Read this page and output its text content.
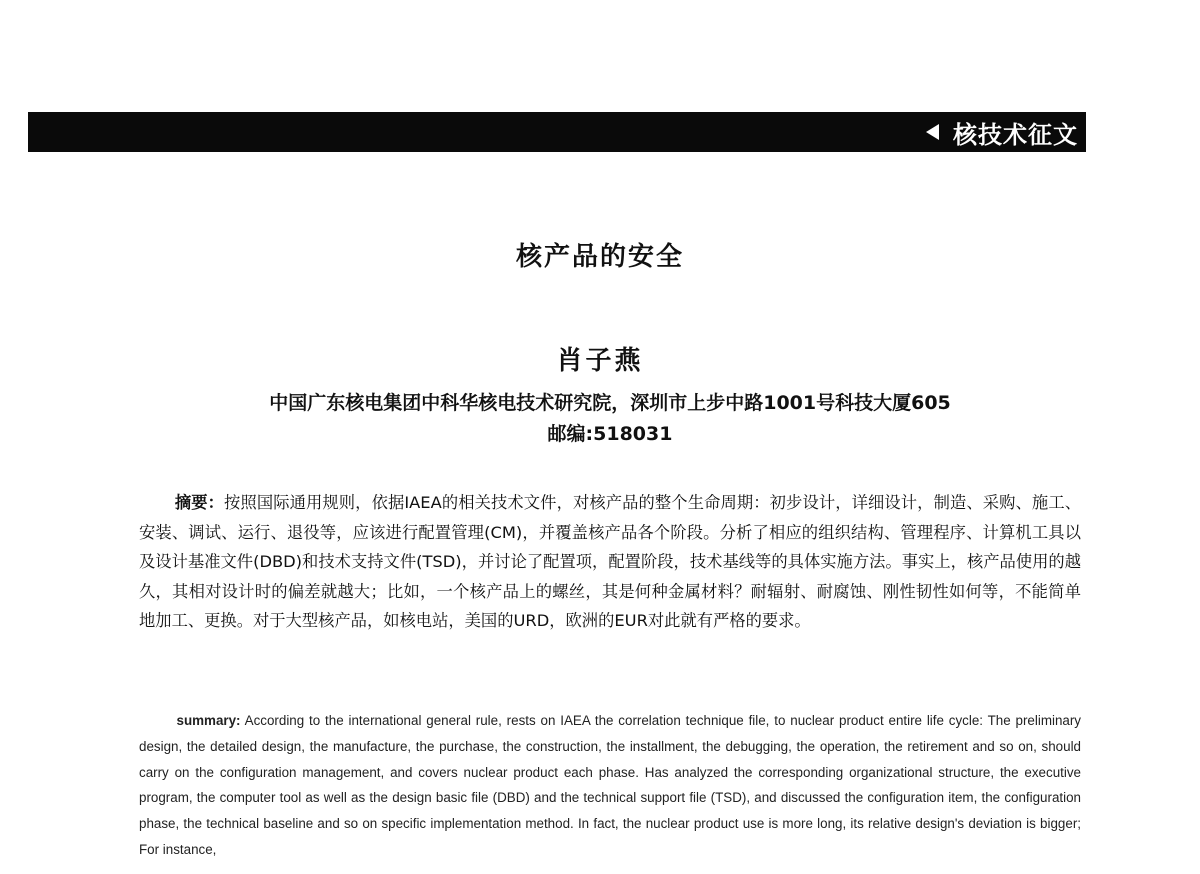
核技术征文
核产品的安全
肖子燕
中国广东核电集团中科华核电技术研究院，深圳市上步中路1001号科技大厦605
邮编:518031

摘要：按照国际通用规则，依据IAEA的相关技术文件，对核产品的整个生命周期：初步设计，详细设计，制造、采购、施工、安装、调试、运行、退役等，应该进行配置管理(CM)，并覆盖核产品各个阶段。分析了相应的组织结构、管理程序、计算机工具以及设计基准文件(DBD)和技术支持文件(TSD)，并讨论了配置项，配置阶段，技术基线等的具体实施方法。事实上，核产品使用的越久，其相对设计时的偏差就越大；比如，一个核产品上的螺丝，其是何种金属材料？耐辐射、耐腐蚀、刚性韧性如何等，不能简单地加工、更换。对于大型核产品，如核电站，美国的URD，欧洲的EUR对此就有严格的要求。

summary: According to the international general rule, rests on IAEA the correlation technique file, to nuclear product entire life cycle: The preliminary design, the detailed design, the manufacture, the purchase, the construction, the installment, the debugging, the operation, the retirement and so on, should carry on the configuration management, and covers nuclear product each phase. Has analyzed the corresponding organizational structure, the executive program, the computer tool as well as the design basic file (DBD) and the technical support file (TSD), and discussed the configuration item, the configuration phase, the technical baseline and so on specific implementation method. In fact, the nuclear product use is more long, its relative design's deviation is bigger; For instance,
